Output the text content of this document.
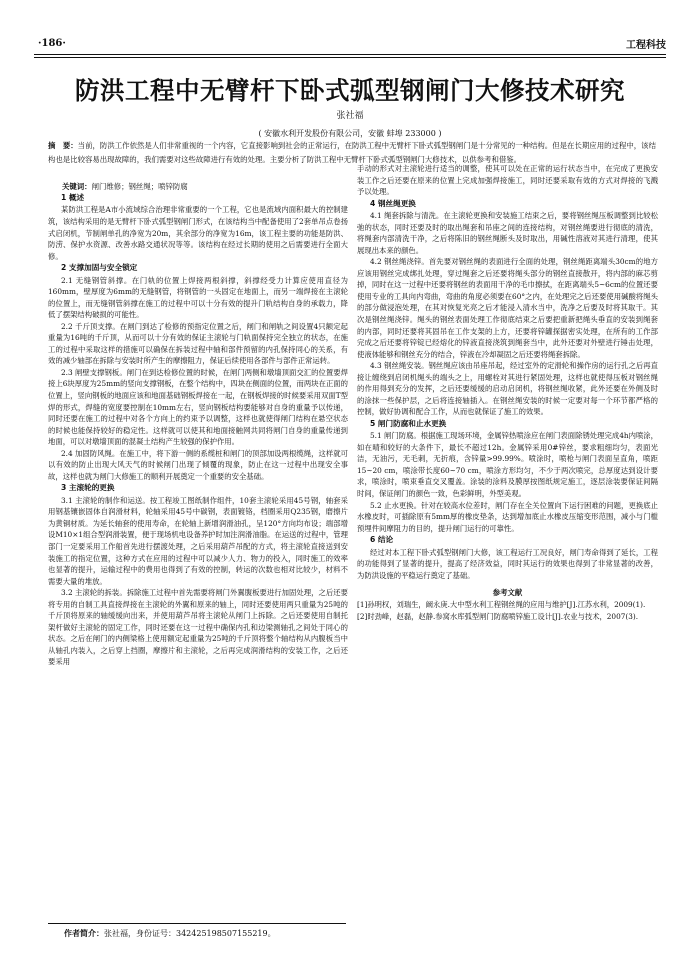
·186·	工程科技
防洪工程中无臂杆下卧式弧型钢闸门大修技术研究
张社福
( 安徽水利开发股份有限公司，安徽 蚌埠 233000 )
摘　要：当前，防洪工作依然是人们非常重视的一个内容，它直接影响到社会的正常运行，在防洪工程中无臂杆下卧式弧型钢闸门是十分常见的一种结构。但是在长期应用的过程中，该结构也是比较容易出现故障的，我们需要对这些故障进行有效的处理。主要分析了防洪工程中无臂杆下卧式弧型钢闸门大修技术，以供参考和借鉴。
关键词：闸门维修；钢丝绳；喷锌防腐
1 概述

某防洪工程是A市小流域综合治理非常重要的一个工程，它也是流域内面积最大的控制建筑，该结构采用的是无臂杆下卧式弧型钢闸门形式，在该结构当中配备使用了2套单吊点卷扬式启闭机，节制闸单孔的净宽为20m，其余部分的净宽为16m，该工程主要的功能是防洪、防涝、保护水资源、改善水路交通状况等等。该结构在经过长期的使用之后需要进行全面大修。

2 支撑加固与安全锁定

2.1 无缝钢管斜撑。在门轨的位置上焊接两根斜撑，斜撑经受力计算应使用直径为160mm，壁厚度为6mm的无缝钢管，将钢管的一头固定在地面上，而另一端焊接在主滚轮的位置上，而无缝钢管斜撑在施工的过程中可以十分有效的提升门轨结构自身的承载力，降低了摆架结构破损的可能性。

2.2 千斤顶支撑。在闸门到达了检修的预指定位置之后，闸门和闸轨之间设置4只额定起重量为16吨的千斤顶，从而可以十分有效的保证主滚轮与门轨面保持完全独立的状态，在施工的过程中采取这样的措施可以确保在拆装过程中轴和部件预留的内孔保持同心的关系，有效的减少轴部在拆除与安装时所产生的摩擦阻力，保证后续使用各部件与部件正常运转。

2.3 闸壁支撑钢板。闸门在到达检修位置的时候，在闸门两侧和墩墙顶面交汇的位置要焊接上6块厚度为25mm的竖向支撑钢板，在整个结构中，四块在侧面的位置，而两块在正面的位置上，竖向钢板的地面应该和地面基础钢板焊接在一起，在钢板焊接的时候要采用双面T型焊的形式，焊缝的宽度要控制在10mm左右，竖向钢板结构要能够对自身的重量予以传递，同时还要在施工的过程中对各个方向上的约束予以调整，这样也就使得闸门结构在悬空状态的时候也能保持较好的稳定性。这样就可以使其和地面接触网共同将闸门自身的重量传递到地面，可以对墩墙顶面的混凝土结构产生较强的保护作用。

2.4 加固防风绳。在施工中，将下游一侧的系缆桩和闸门的顶部加设两根缆绳，这样就可以有效的防止出现大风天气的时候闸门出现了倾覆的现象，防止在这一过程中出现安全事故，这样也就为闸门大修施工的顺利开展奠定一个重要的安全基础。

3 主滚轮的更换

3.1 主滚轮的制作和运送。按工程竣工图纸制作组件，10套主滚轮采用45号钢，轴套采用钢基镶嵌固体自润滑材料，轮轴采用45号中碳钢，表面镀铬，档圈采用Q235钢，磨擦片为黄铜材质。为延长轴套的使用寿命，在轮轴上新增润滑油孔，呈120°方向均布设；端部增设M10×1组合型润滑装置，便于现场机电设备养护时加注润滑油脂。在运送的过程中，管理部门一定要采用工作船首先进行摆渡处理，之后采用葫芦吊配的方式，将主滚轮直接送到安装施工的指定位置，这种方式在应用的过程中可以减少人力、物力的投入，同时施工的效率也显著的提升，运输过程中的费用也得到了有效的控制，转运的次数也相对比较少，材料不需要大量的堆放。

3.2 主滚轮的拆装。拆除施工过程中首先需要将闸门外翼腹板要进行加固处理，之后还要将专用的自制工具直接焊接在主滚轮的外翼和原来的轴上，同时还要使用两只重量为25吨的千斤顶将原来的轴缓缓向出来，并使用葫芦吊将主滚轮从闸门上拆除。之后还要使用自制托架杆做好主滚轮的固定工作，同时还要在这一过程中确保内孔和边梁测轴孔之间处于同心的状态。之后在闸门的内侧梁格上使用额定起重量为25吨的千斤顶将整个轴结构从内腹板当中从轴孔内装入，之后穿上挡圈，摩擦片和主滚轮，之后再完成润滑结构的安装工作，之后还要采用

手动的形式对主滚轮进行适当的调整，使其可以处在正常的运行状态当中，在完成了更换安装工作之后还要在原来的位置上完成加强焊接施工，同时还要采取有效的方式对焊接的飞溅予以处理。

4 钢丝绳更换

4.1 绳套拆除与清洗。在主滚轮更换和安装施工结束之后，要将钢丝绳压板调整到比较松弛的状态，同时还要及时的取出绳套和吊座之间的连接结构，对钢丝绳要进行彻底的清洗，将绳套内部清洗干净，之后将陈旧的钢丝绳断头及时取出，用碱性溶液对其进行清理，使其展现出本来的颜色。

4.2 钢丝绳浇锌。首先要对钢丝绳的表面进行全面的处理，钢丝绳距离端头30cm的地方应该用钢丝完成绑扎处理，穿过绳套之后还要将绳头部分的钢丝直接散开，将内部的麻芯剪掉，同时在这一过程中还要将钢丝的表面用干净的毛巾擦拭，在距离端头5~6cm的位置还要使用专业的工具向内弯曲，弯曲的角度必须要在60°之内，在处理完之后还要使用碱酸将绳头的部分做浸泡处理，在其对恢复光亮之后才能浸入清水当中，洗净之后要及时将其取干。其次是钢丝绳浇锌。绳头的钢丝表面处理工作彻底结束之后要把重新把绳头垂直的安装到绳套的内部，同时还要将其固吊在工作支架的上方，还要将锌罐探据密实处理，在所有的工作部完成之后还要将锌锭已经熔化的锌液直接浇筑到绳套当中，此外还要对外壁进行锤击处理，使液体能够和钢丝充分的结合，锌液在冷却凝固之后还要将绳套拆除。

4.3 钢丝绳安装。钢丝绳应该由吊座吊起，经过室外的定滑轮和操作房的运行孔之后再直接让缠绕到启闭机绳头的端头之上，用螺栓对其进行紧固处理，这样也就使得压板对钢丝绳的作用得到充分的发挥，之后还要缓缓的启动启闭机，将钢丝绳收紧，此外还要在外侧及时的涂抹一些保护层，之后将连接轴插入。在钢丝绳安装的时候一定要对每一个环节都严格的控制，做好协调和配合工作，从而也就保证了施工的效果。

5 闸门防腐和止水更换

5.1 闸门防腐。根据施工现场环境，金属锌热喷涂应在闸门表面除锈处理完成4h内喷涂，如在晴和较好的大条件下，最长不超过12h。金属锌采用0#锌丝，要求粗细均匀，表面光洁，无油污，无毛刺，无折痕，含锌量>99.99%。喷涂时，喷枪与闸门表面呈直角，喷距15~20 cm，喷涂带长度60~70 cm，喷涂方形均匀，不少于两次喷完，总厚度达到设计要求，喷涂时，喷束垂直交叉覆盖。涂装的涂料及膜厚按图纸规定施工，逐层涂装要保证间隔时间，保证闸门的颜色一致，色彩鲜明，外型美观。

5.2 止水更换。针对在较高水位差时，闸门存在全关位置向下运行困难的问题，更换底止水橡皮时，可插除原有5mm厚的橡皮垫条，达到增加底止水橡皮压缩变形范围，减小与门槛预埋件间摩阻力的目的，提升闸门运行的可靠性。

6 结论

经过对本工程下卧式弧型钢闸门大修，该工程运行工况良好，闸门寿命得到了延长，工程的功能得到了显著的提升，提高了经济效益，同时其运行的效果也得到了非常显著的改善，为防洪设施的平稳运行奠定了基础。

参考文献

[1]孙明权，刘瑞生，阚永庚.大中型水利工程钢丝绳的应用与维护[J].江苏水利，2009(1).

[2]时劲峰，赵磊，赵静.参窝水库弧型闸门防腐喷锌施工设计[J].农业与技术，2007(3).

作者简介：张社福，身份证号：342425198507155219。
